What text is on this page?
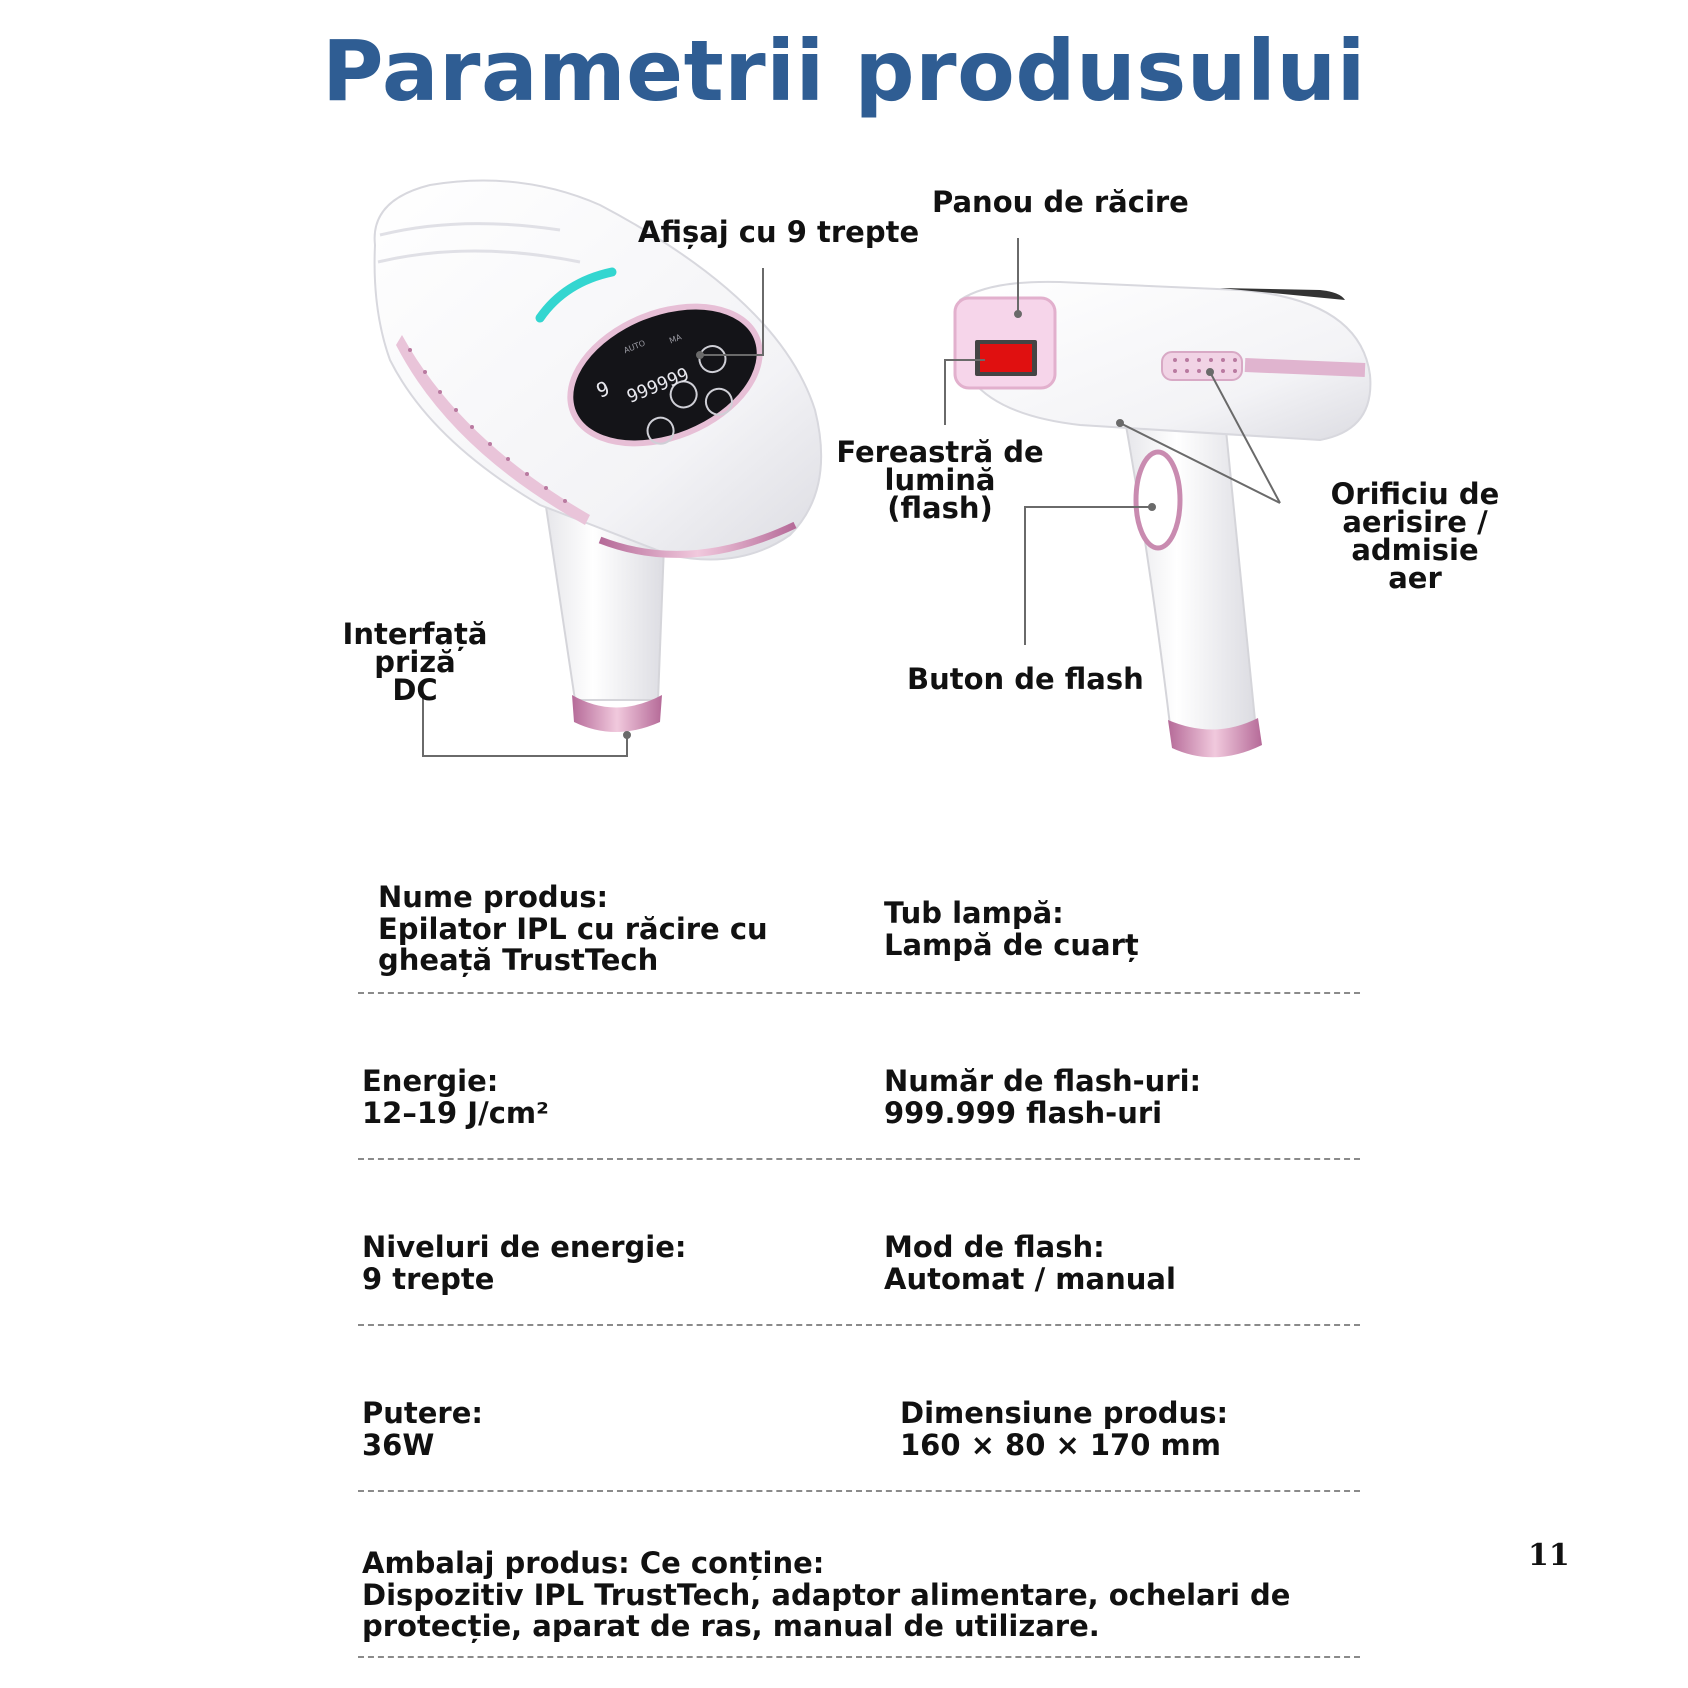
Parametrii produsului
9 999999
AUTO	MA
Afișaj cu 9 trepte
Panou de răcire
Fereastră de
lumină (flash)	Orificiu de
aerisire / admisie
aer
Buton de flash
Interfață priză
DC
Nume produs:
Epilator IPL cu răcire cu
gheață TrustTech
Tub lampă:
Lampă de cuarț
Energie:
12–19 J/cm²
Număr de flash-uri:
999.999 flash-uri
Niveluri de energie:
9 trepte
Mod de flash:
Automat / manual
Putere:
36W
Dimensiune produs:
160 × 80 × 170 mm
Ambalaj produs: Ce conține:
Dispozitiv IPL TrustTech, adaptor alimentare, ochelari de
protecție, aparat de ras, manual de utilizare.
11
